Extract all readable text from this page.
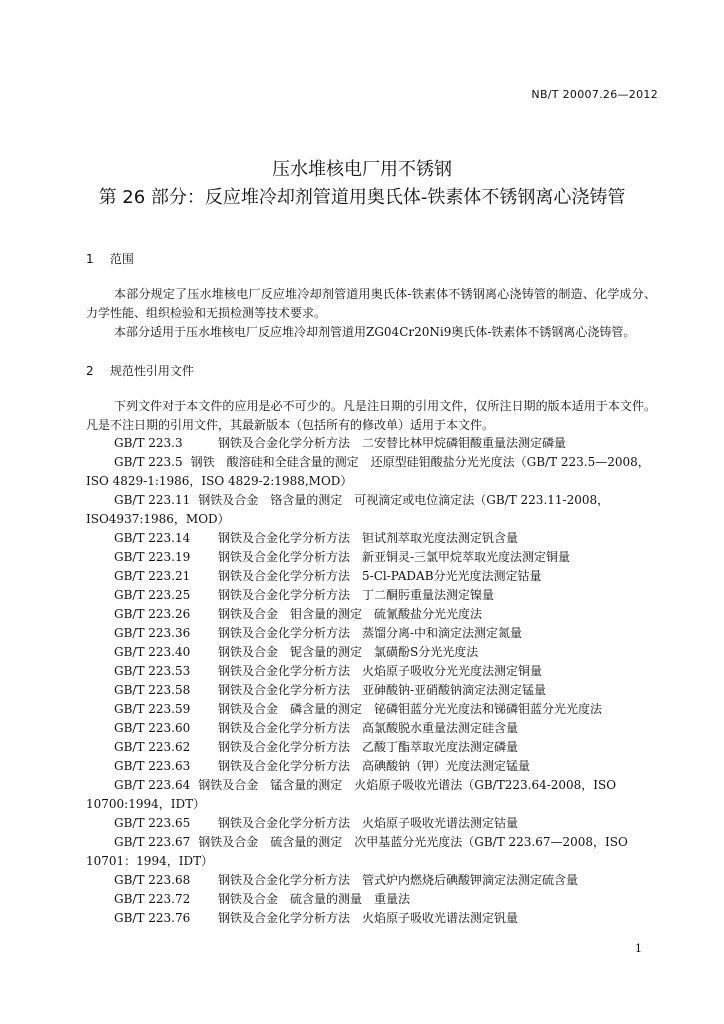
NB/T 20007.26—2012
压水堆核电厂用不锈钢
第 26 部分：反应堆冷却剂管道用奥氏体-铁素体不锈钢离心浇铸管
1 范围
本部分规定了压水堆核电厂反应堆冷却剂管道用奥氏体-铁素体不锈钢离心浇铸管的制造、化学成分、力学性能、组织检验和无损检测等技术要求。
本部分适用于压水堆核电厂反应堆冷却剂管道用ZG04Cr20Ni9奥氏体-铁素体不锈钢离心浇铸管。
2 规范性引用文件
下列文件对于本文件的应用是必不可少的。凡是注日期的引用文件，仅所注日期的版本适用于本文件。凡是不注日期的引用文件，其最新版本（包括所有的修改单）适用于本文件。
GB/T 223.3	钢铁及合金化学分析方法　二安替比林甲烷磷钼酸重量法测定磷量
GB/T 223.5 钢铁　酸溶硅和全硅含量的测定　还原型硅钼酸盐分光光度法（GB/T 223.5—2008，
ISO 4829-1:1986，ISO 4829-2:1988,MOD）
GB/T 223.11 钢铁及合金　铬含量的测定　可视滴定或电位滴定法（GB/T 223.11-2008，
ISO4937:1986，MOD）
GB/T 223.14 钢铁及合金化学分析方法　钽试剂萃取光度法测定钒含量
GB/T 223.19 钢铁及合金化学分析方法　新亚铜灵-三氯甲烷萃取光度法测定铜量
GB/T 223.21 钢铁及合金化学分析方法　5-Cl-PADAB分光光度法测定钴量
GB/T 223.25 钢铁及合金化学分析方法　丁二酮肟重量法测定镍量
GB/T 223.26 钢铁及合金　钼含量的测定　硫氰酸盐分光光度法
GB/T 223.36 钢铁及合金化学分析方法　蒸馏分离-中和滴定法测定氮量
GB/T 223.40 钢铁及合金　铌含量的测定　氯磺酚S分光光度法
GB/T 223.53 钢铁及合金化学分析方法　火焰原子吸收分光光度法测定铜量
GB/T 223.58 钢铁及合金化学分析方法　亚砷酸钠-亚硝酸钠滴定法测定锰量
GB/T 223.59 钢铁及合金　磷含量的测定　铋磷钼蓝分光光度法和锑磷钼蓝分光光度法
GB/T 223.60 钢铁及合金化学分析方法　高氯酸脱水重量法测定硅含量
GB/T 223.62 钢铁及合金化学分析方法　乙酸丁酯萃取光度法测定磷量
GB/T 223.63 钢铁及合金化学分析方法　高碘酸钠（钾）光度法测定锰量
GB/T 223.64 钢铁及合金　锰含量的测定　火焰原子吸收光谱法（GB/T223.64-2008，ISO
10700:1994，IDT）
GB/T 223.65 钢铁及合金化学分析方法　火焰原子吸收光谱法测定钴量
GB/T 223.67 钢铁及合金　硫含量的测定　次甲基蓝分光光度法（GB/T 223.67—2008，ISO
10701：1994，IDT）
GB/T 223.68 钢铁及合金化学分析方法　管式炉内燃烧后碘酸钾滴定法测定硫含量
GB/T 223.72 钢铁及合金　硫含量的测量　重量法
GB/T 223.76 钢铁及合金化学分析方法　火焰原子吸收光谱法测定钒量
1
